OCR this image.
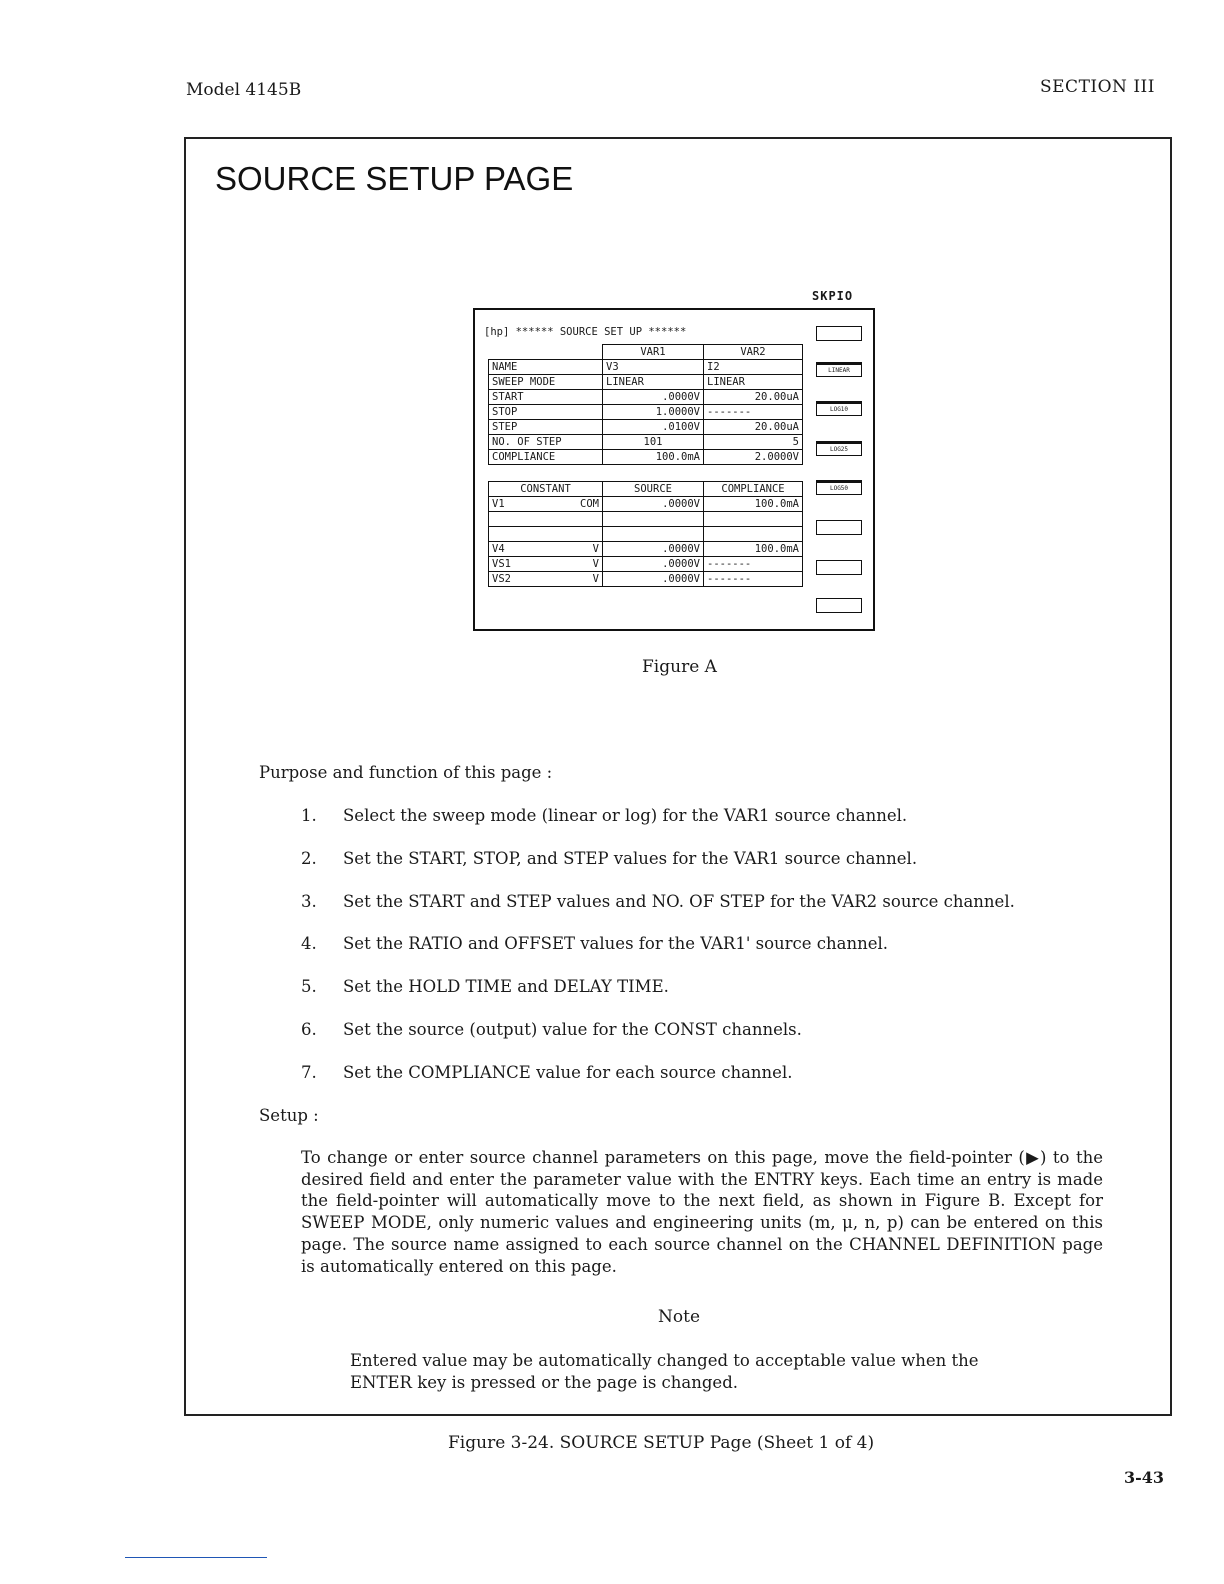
Model 4145B	SECTION III
SOURCE SETUP PAGE
SKPIO
[hp] ****** SOURCE SET UP ******
	VAR1	VAR2
NAME	V3	I2
SWEEP MODE	LINEAR	LINEAR
START	.0000V	20.00uA
STOP	1.0000V	-------
STEP	.0100V	20.00uA
NO. OF STEP	101	5
COMPLIANCE	100.0mA	2.0000V
CONSTANT	SOURCE	COMPLIANCE

V1 COM	.0000V	100.0mA

V4 V	.0000V	100.0mA

VS1 V	.0000V	-------

VS2 V	.0000V	-------
LINEAR
LOG10
LOG25
LOG50
Figure A
Purpose and function of this page :
1. Select the sweep mode (linear or log) for the VAR1 source channel.
2. Set the START, STOP, and STEP values for the VAR1 source channel.
3. Set the START and STEP values and NO. OF STEP for the VAR2 source channel.
4. Set the RATIO and OFFSET values for the VAR1' source channel.
5. Set the HOLD TIME and DELAY TIME.
6. Set the source (output) value for the CONST channels.
7. Set the COMPLIANCE value for each source channel.
Setup :
To change or enter source channel parameters on this page, move the field-pointer (▶) to the desired field and enter the parameter value with the ENTRY keys. Each time an entry is made the field-pointer will automatically move to the next field, as shown in Figure B. Except for SWEEP MODE, only numeric values and engineering units (m, μ, n, p) can be entered on this page. The source name assigned to each source channel on the CHANNEL DEFINITION page is automatically entered on this page.
Note
Entered value may be automatically changed to acceptable value when the ENTER key is pressed or the page is changed.
Figure 3-24. SOURCE SETUP Page (Sheet 1 of 4)
3-43
